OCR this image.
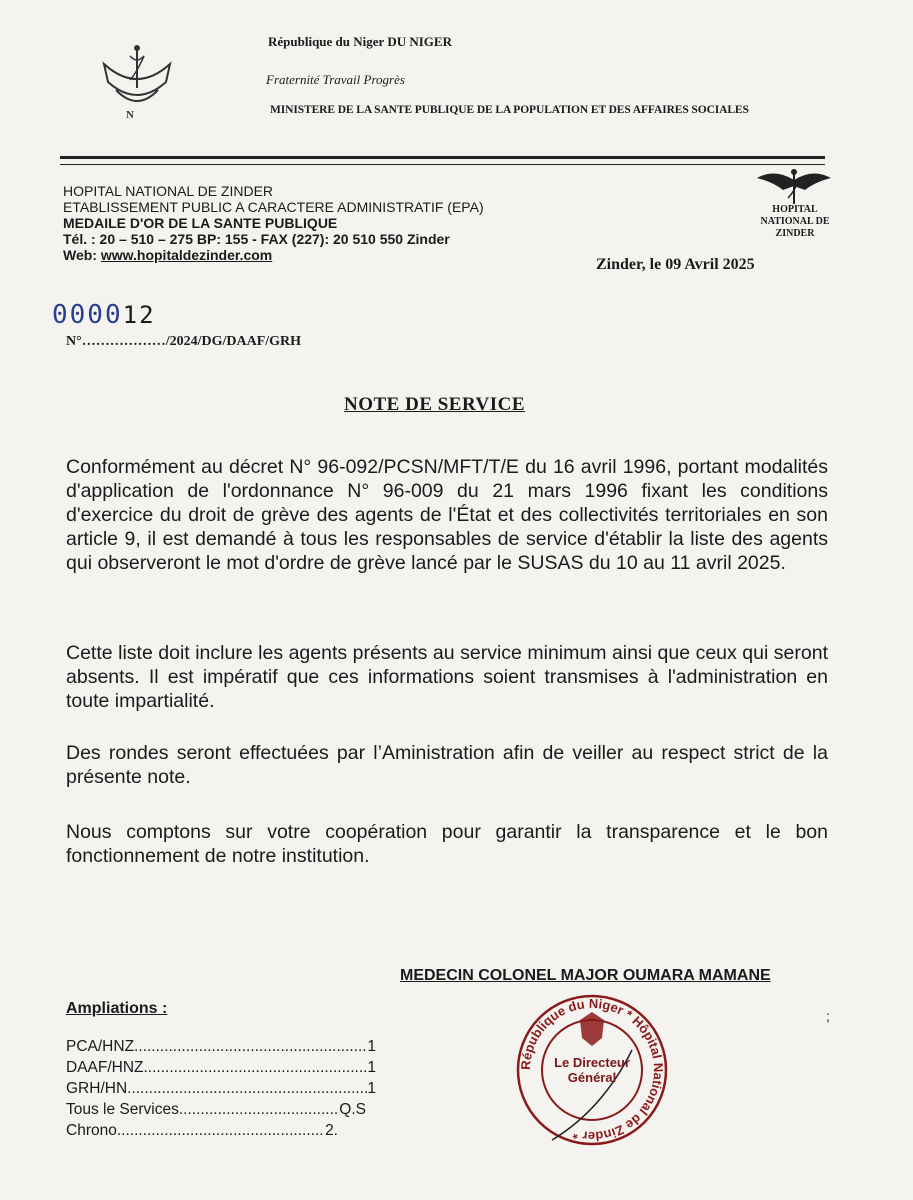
N
République du Niger DU NIGER
Fraternité Travail Progrès
MINISTERE DE LA SANTE PUBLIQUE DE LA POPULATION ET DES AFFAIRES SOCIALES
HOPITAL NATIONAL DE ZINDER
ETABLISSEMENT PUBLIC A CARACTERE ADMINISTRATIF (EPA)
MEDAILE D'OR DE LA SANTE PUBLIQUE
Tél. : 20 – 510 – 275 BP: 155 - FAX (227): 20 510 550 Zinder
Web: www.hopitaldezinder.com
HOPITAL NATIONAL DE ZINDER
Zinder, le 09 Avril 2025
000012
N°………………/2024/DG/DAAF/GRH
NOTE DE SERVICE
Conformément au décret N° 96-092/PCSN/MFT/T/E du 16 avril 1996, portant modalités d'application de l'ordonnance N° 96-009 du 21 mars 1996 fixant les conditions d'exercice du droit de grève des agents de l'État et des collectivités territoriales en son article 9, il est demandé à tous les responsables de service d'établir la liste des agents qui observeront le mot d'ordre de grève lancé par le SUSAS du 10 au 11 avril 2025.
Cette liste doit inclure les agents présents au service minimum ainsi que ceux qui seront absents. Il est impératif que ces informations soient transmises à l'administration en toute impartialité.
Des rondes seront effectuées par l’Aministration afin de veiller au respect strict de la présente note.
Nous comptons sur votre coopération pour garantir la transparence et le bon fonctionnement de notre institution.
MEDECIN COLONEL MAJOR OUMARA MAMANE
;
Ampliations :
PCA/HNZ .....	1
DAAF/HNZ .....	1
GRH/HN .....	1
Tous le Services .....	Q.S
Chrono .....	2.
République du Niger * Hôpital National de Zinder *
Le Directeur
Général
